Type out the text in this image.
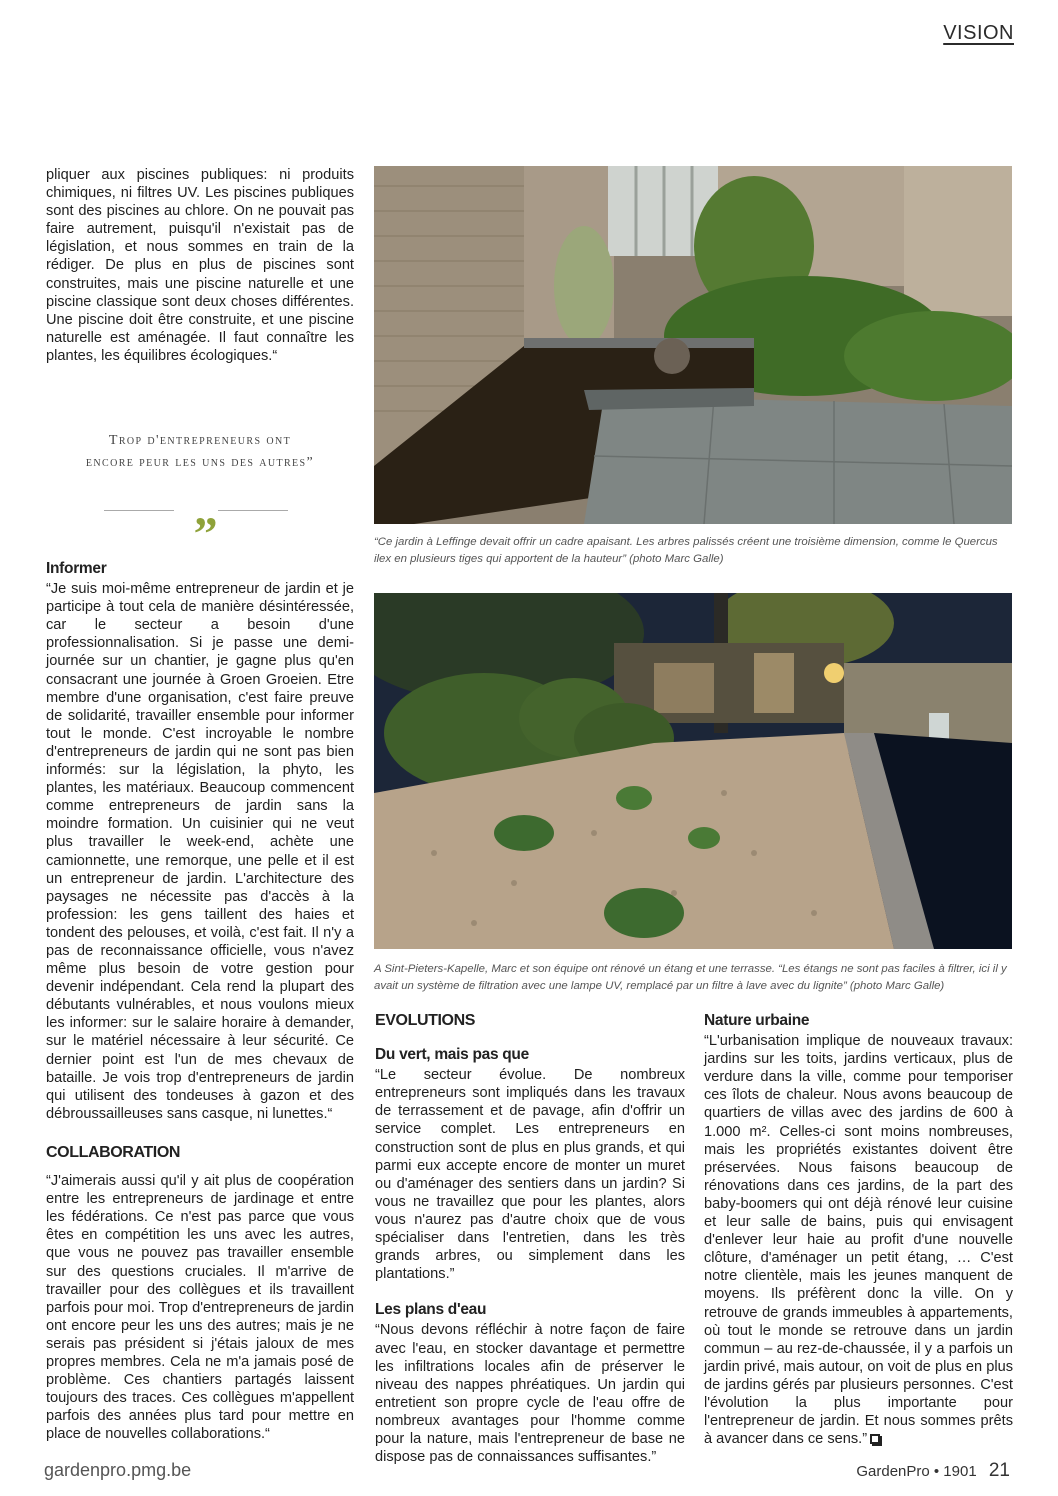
VISION

pliquer aux piscines publiques: ni produits chimiques, ni filtres UV. Les piscines publiques sont des piscines au chlore. On ne pouvait pas faire autrement, puisqu'il n'existait pas de législation, et nous sommes en train de la rédiger. De plus en plus de piscines sont construites, mais une piscine naturelle et une piscine classique sont deux choses différentes. Une piscine doit être construite, et une piscine naturelle est aménagée. Il faut connaître les plantes, les équilibres écologiques.“

Trop d'entrepreneurs ont
encore peur les uns des autres”
„
Informer

“Je suis moi-même entrepreneur de jardin et je participe à tout cela de manière désintéressée, car le secteur a besoin d'une professionnalisation. Si je passe une demi-journée sur un chantier, je gagne plus qu'en consacrant une journée à Groen Groeien. Etre membre d'une organisation, c'est faire preuve de solidarité, travailler ensemble pour informer tout le monde. C'est incroyable le nombre d'entrepreneurs de jardin qui ne sont pas bien informés: sur la législation, la phyto, les plantes, les matériaux. Beaucoup commencent comme entrepreneurs de jardin sans la moindre formation. Un cuisinier qui ne veut plus travailler le week-end, achète une camionnette, une remorque, une pelle et il est un entrepreneur de jardin. L'architecture des paysages ne nécessite pas d'accès à la profession: les gens taillent des haies et tondent des pelouses, et voilà, c'est fait. Il n'y a pas de reconnaissance officielle, vous n'avez même plus besoin de votre gestion pour devenir indépendant. Cela rend la plupart des débutants vulnérables, et nous voulons mieux les informer: sur le salaire horaire à demander, sur le matériel nécessaire à leur sécurité. Ce dernier point est l'un de mes chevaux de bataille. Je vois trop d'entrepreneurs de jardin qui utilisent des tondeuses à gazon et des débroussailleuses sans casque, ni lunettes.“

COLLABORATION

“J'aimerais aussi qu'il y ait plus de coopération entre les entrepreneurs de jardinage et entre les fédérations. Ce n'est pas parce que vous êtes en compétition les uns avec les autres, que vous ne pouvez pas travailler ensemble sur des questions cruciales. Il m'arrive de travailler pour des collègues et ils travaillent parfois pour moi. Trop d'entrepreneurs de jardin ont encore peur les uns des autres; mais je ne serais pas président si j'étais jaloux de mes propres membres. Cela ne m'a jamais posé de problème. Ces chantiers partagés laissent toujours des traces. Ces collègues m'appellent parfois des années plus tard pour mettre en place de nouvelles collaborations.“

“Ce jardin à Leffinge devait offrir un cadre apaisant. Les arbres palissés créent une troisième dimension, comme le Quercus ilex en plusieurs tiges qui apportent de la hauteur” (photo Marc Galle)
A Sint-Pieters-Kapelle, Marc et son équipe ont rénové un étang et une terrasse. “Les étangs ne sont pas faciles à filtrer, ici il y avait un système de filtration avec une lampe UV, remplacé par un filtre à lave avec du lignite” (photo Marc Galle)
EVOLUTIONS
Du vert, mais pas que

“Le secteur évolue. De nombreux entrepreneurs sont impliqués dans les travaux de terrassement et de pavage, afin d'offrir un service complet. Les entrepreneurs en construction sont de plus en plus grands, et qui parmi eux accepte encore de monter un muret ou d'aménager des sentiers dans un jardin? Si vous ne travaillez que pour les plantes, alors vous n'aurez pas d'autre choix que de vous spécialiser dans l'entretien, dans les très grands arbres, ou simplement dans les plantations.”

Les plans d'eau

“Nous devons réfléchir à notre façon de faire avec l'eau, en stocker davantage et permettre les infiltrations locales afin de préserver le niveau des nappes phréatiques. Un jardin qui entretient son propre cycle de l'eau offre de nombreux avantages pour l'homme comme pour la nature, mais l'entrepreneur de base ne dispose pas de connaissances suffisantes.”

Nature urbaine

“L'urbanisation implique de nouveaux travaux: jardins sur les toits, jardins verticaux, plus de verdure dans la ville, comme pour temporiser ces îlots de chaleur. Nous avons beaucoup de quartiers de villas avec des jardins de 600 à 1.000 m². Celles-ci sont moins nombreuses, mais les propriétés existantes doivent être préservées. Nous faisons beaucoup de rénovations dans ces jardins, de la part des baby-boomers qui ont déjà rénové leur cuisine et leur salle de bains, puis qui envisagent d'enlever leur haie au profit d'une nouvelle clôture, d'aménager un petit étang, … C'est notre clientèle, mais les jeunes manquent de moyens. Ils préfèrent donc la ville. On y retrouve de grands immeubles à appartements, où tout le monde se retrouve dans un jardin commun – au rez-de-chaussée, il y a parfois un jardin privé, mais autour, on voit de plus en plus de jardins gérés par plusieurs personnes. C'est l'évolution la plus importante pour l'entrepreneur de jardin. Et nous sommes prêts à avancer dans ce sens.”

gardenpro.pmg.be	GardenPro • 1901 21
